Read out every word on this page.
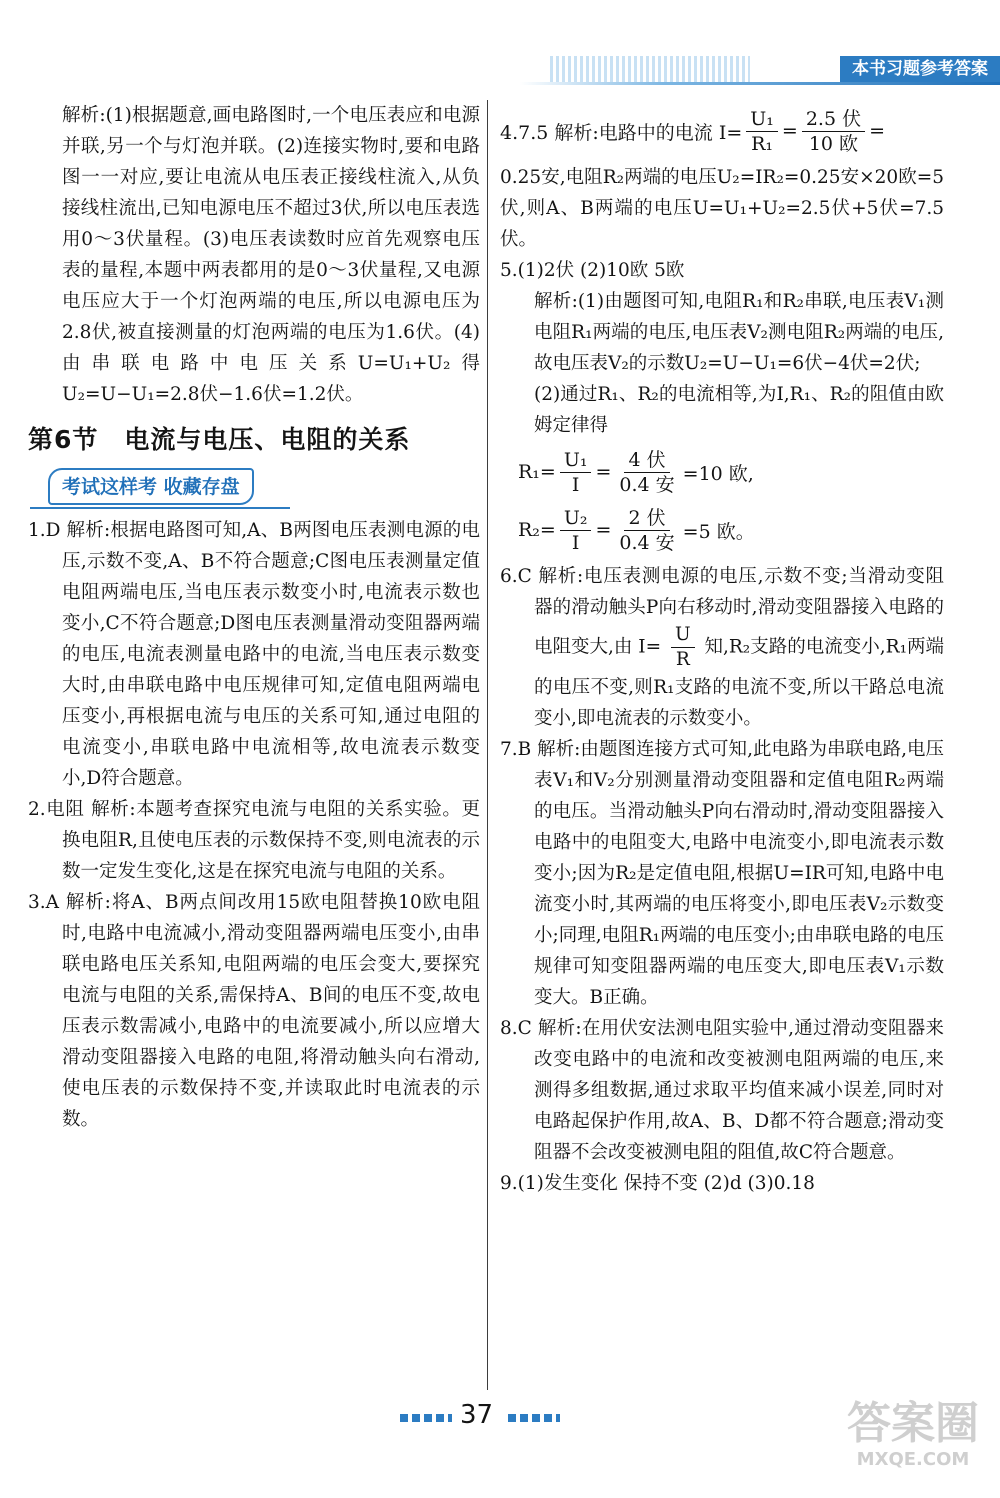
本书习题参考答案

解析:(1)根据题意,画电路图时,一个电压表应和电源并联,另一个与灯泡并联。(2)连接实物时,要和电路图一一对应,要让电流从电压表正接线柱流入,从负接线柱流出,已知电源电压不超过3伏,所以电压表选用0～3伏量程。(3)电压表读数时应首先观察电压表的量程,本题中两表都用的是0～3伏量程,又电源电压应大于一个灯泡两端的电压,所以电源电压为2.8伏,被直接测量的灯泡两端的电压为1.6伏。(4)由串联电路中电压关系U=U₁+U₂得U₂=U−U₁=2.8伏−1.6伏=1.2伏。

第6节 电流与电压、电阻的关系
考试这样考 收藏存盘

1.D 解析:根据电路图可知,A、B两图电压表测电源的电压,示数不变,A、B不符合题意;C图电压表测量定值电阻两端电压,当电压表示数变小时,电流表示数也变小,C不符合题意;D图电压表测量滑动变阻器两端的电压,电流表测量电路中的电流,当电压表示数变大时,由串联电路中电压规律可知,定值电阻两端电压变小,再根据电流与电压的关系可知,通过电阻的电流变小,串联电路中电流相等,故电流表示数变小,D符合题意。

2.电阻 解析:本题考查探究电流与电阻的关系实验。更换电阻R,且使电压表的示数保持不变,则电流表的示数一定发生变化,这是在探究电流与电阻的关系。

3.A 解析:将A、B两点间改用15欧电阻替换10欧电阻时,电路中电流减小,滑动变阻器两端电压变小,由串联电路电压关系知,电阻两端的电压会变大,要探究电流与电阻的关系,需保持A、B间的电压不变,故电压表示数需减小,电路中的电流要减小,所以应增大滑动变阻器接入电路的电阻,将滑动触头向右滑动,使电压表的示数保持不变,并读取此时电流表的示数。

4.7.5 解析:电路中的电流 $I= \frac{\text{U₁}}{\text{R₁}} = \frac{\text{2.5 伏}}{\text{10 欧}}$ =

0.25安,电阻R₂两端的电压U₂=IR₂=0.25安×20欧=5伏,则A、B两端的电压U=U₁+U₂=2.5伏+5伏=7.5伏。

5.(1)2伏 (2)10欧 5欧

解析:(1)由题图可知,电阻R₁和R₂串联,电压表V₁测电阻R₁两端的电压,电压表V₂测电阻R₂两端的电压,故电压表V₂的示数U₂=U−U₁=6伏−4伏=2伏;

(2)通过R₁、R₂的电流相等,为I,R₁、R₂的阻值由欧姆定律得

$R_1= \frac{\text{U₁}}{I} = \frac{\text{4 伏}}{\text{0.4 安}} =10$ 欧,
$R_2= \frac{\text{U₂}}{I} = \frac{\text{2 伏}}{\text{0.4 安}} =5$ 欧。

6.C 解析:电压表测电源的电压,示数不变;当滑动变阻器的滑动触头P向右移动时,滑动变阻器接入电路的电阻变大,由 $I= \frac{U}{R}$ 知,R₂支路的电流变小,R₁两端的电压不变,则R₁支路的电流不变,所以干路总电流变小,即电流表的示数变小。

7.B 解析:由题图连接方式可知,此电路为串联电路,电压表V₁和V₂分别测量滑动变阻器和定值电阻R₂两端的电压。当滑动触头P向右滑动时,滑动变阻器接入电路中的电阻变大,电路中电流变小,即电流表示数变小;因为R₂是定值电阻,根据U=IR可知,电路中电流变小时,其两端的电压将变小,即电压表V₂示数变小;同理,电阻R₁两端的电压变小;由串联电路的电压规律可知变阻器两端的电压变大,即电压表V₁示数变大。B正确。

8.C 解析:在用伏安法测电阻实验中,通过滑动变阻器来改变电路中的电流和改变被测电阻两端的电压,来测得多组数据,通过求取平均值来减小误差,同时对电路起保护作用,故A、B、D都不符合题意;滑动变阻器不会改变被测电阻的阻值,故C符合题意。

9.(1)发生变化 保持不变 (2)d (3)0.18

37	答案圈
MXQE.COM
